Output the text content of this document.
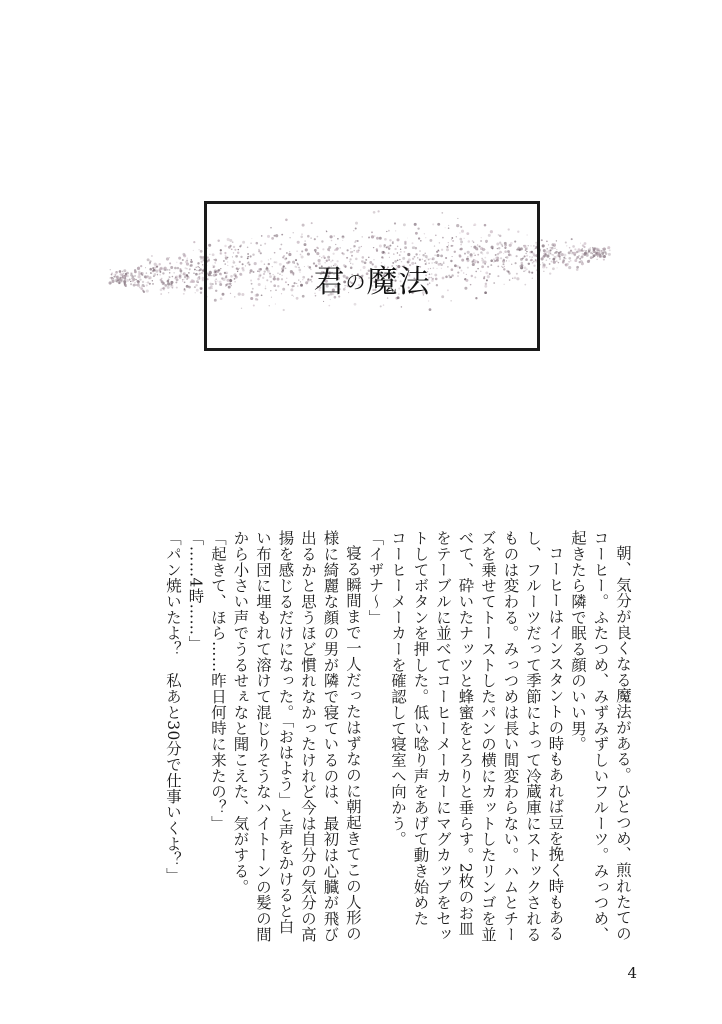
君の魔法

朝、気分が良くなる魔法がある。ひとつめ、煎れたての

コーヒー。ふたつめ、みずみずしいフルーツ。みっつめ、

起きたら隣で眠る顔のいい男。

コーヒーはインスタントの時もあれば豆を挽く時もある

し、フルーツだって季節によって冷蔵庫にストックされる

ものは変わる。みっつめは長い間変わらない。ハムとチー

ズを乗せてトーストしたパンの横にカットしたリンゴを並

べて、砕いたナッツと蜂蜜をとろりと垂らす。2枚のお皿

をテーブルに並べてコーヒーメーカーにマグカップをセッ

トしてボタンを押した。低い唸り声をあげて動き始めた

コーヒーメーカーを確認して寝室へ向かう。

「イザナ〜」

寝る瞬間まで一人だったはずなのに朝起きてこの人形の

様に綺麗な顔の男が隣で寝ているのは、最初は心臓が飛び

出るかと思うほど慣れなかったけれど今は自分の気分の高

揚を感じるだけになった。「おはよう」と声をかけると白

い布団に埋もれて溶けて混じりそうなハイトーンの髪の間

から小さい声でうるせぇなと聞こえた、気がする。

「起きて、ほら……昨日何時に来たの？」

「……4時……」

「パン焼いたよ？　私あと30分で仕事いくよ？」

4
